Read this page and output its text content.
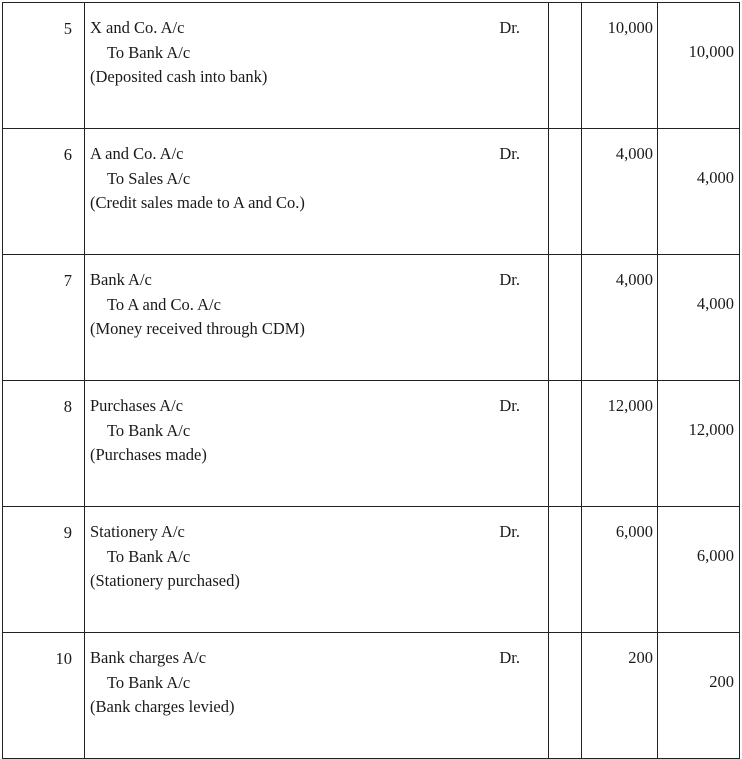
5	X and Co. A/c Dr.
To Bank A/c
(Deposited cash into bank)		10,000	10,000
6	A and Co. A/c Dr.
To Sales A/c
(Credit sales made to A and Co.)		4,000	4,000
7	Bank A/c Dr.
To A and Co. A/c
(Money received through CDM)		4,000	4,000
8	Purchases A/c Dr.
To Bank A/c
(Purchases made)		12,000	12,000
9	Stationery A/c Dr.
To Bank A/c
(Stationery purchased)		6,000	6,000
10	Bank charges A/c Dr.
To Bank A/c
(Bank charges levied)		200	200
